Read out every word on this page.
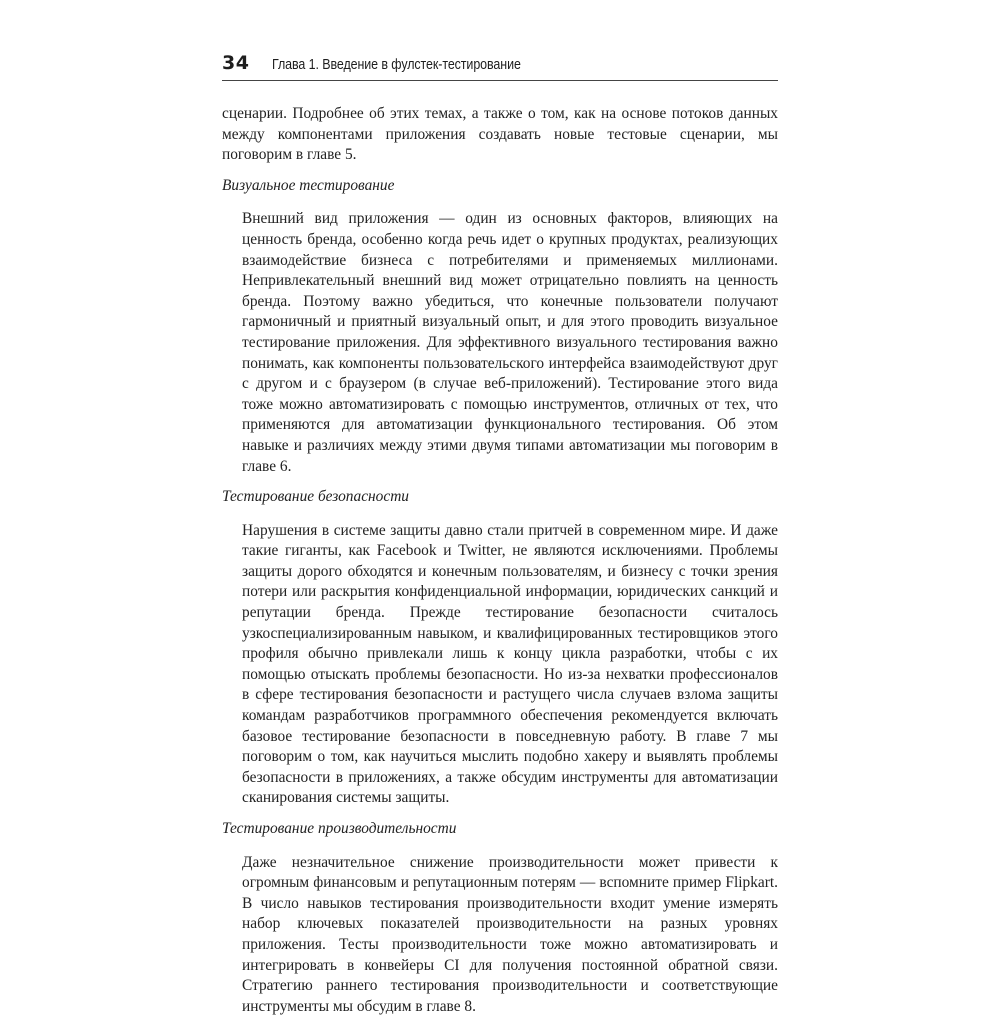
34	Глава 1. Введение в фулстек-тестирование

сценарии. Подробнее об этих темах, а также о том, как на основе потоков данных между компонентами приложения создавать новые тестовые сценарии, мы поговорим в главе 5.

Визуальное тестирование

Внешний вид приложения — один из основных факторов, влияющих на ценность бренда, особенно когда речь идет о крупных продуктах, реализующих взаимодействие бизнеса с потребителями и применяемых миллионами. Непривлекательный внешний вид может отрицательно повлиять на ценность бренда. Поэтому важно убедиться, что конечные пользователи получают гармоничный и приятный визуальный опыт, и для этого проводить визуальное тестирование приложения. Для эффективного визуального тестирования важно понимать, как компоненты пользовательского интерфейса взаимодействуют друг с другом и с браузером (в случае веб-приложений). Тестирование этого вида тоже можно автоматизировать с помощью инструментов, отличных от тех, что применяются для автоматизации функционального тестирования. Об этом навыке и различиях между этими двумя типами автоматизации мы поговорим в главе 6.

Тестирование безопасности

Нарушения в системе защиты давно стали притчей в современном мире. И даже такие гиганты, как Facebook и Twitter, не являются исключениями. Проблемы защиты дорого обходятся и конечным пользователям, и бизнесу с точки зрения потери или раскрытия конфиденциальной информации, юридических санкций и репутации бренда. Прежде тестирование безопасности считалось узкоспециализированным навыком, и квалифицированных тестировщиков этого профиля обычно привлекали лишь к концу цикла разработки, чтобы с их помощью отыскать проблемы безопасности. Но из-за нехватки профессионалов в сфере тестирования безопасности и растущего числа случаев взлома защиты командам разработчиков программного обеспечения рекомендуется включать базовое тестирование безопасности в повседневную работу. В главе 7 мы поговорим о том, как научиться мыслить подобно хакеру и выявлять проблемы безопасности в приложениях, а также обсудим инструменты для автоматизации сканирования системы защиты.

Тестирование производительности

Даже незначительное снижение производительности может привести к огромным финансовым и репутационным потерям — вспомните пример Flipkart. В число навыков тестирования производительности входит умение измерять набор ключевых показателей производительности на разных уровнях приложения. Тесты производительности тоже можно автоматизировать и интегрировать в конвейеры CI для получения постоянной обратной связи. Стратегию раннего тестирования производительности и соответствующие инструменты мы обсудим в главе 8.
